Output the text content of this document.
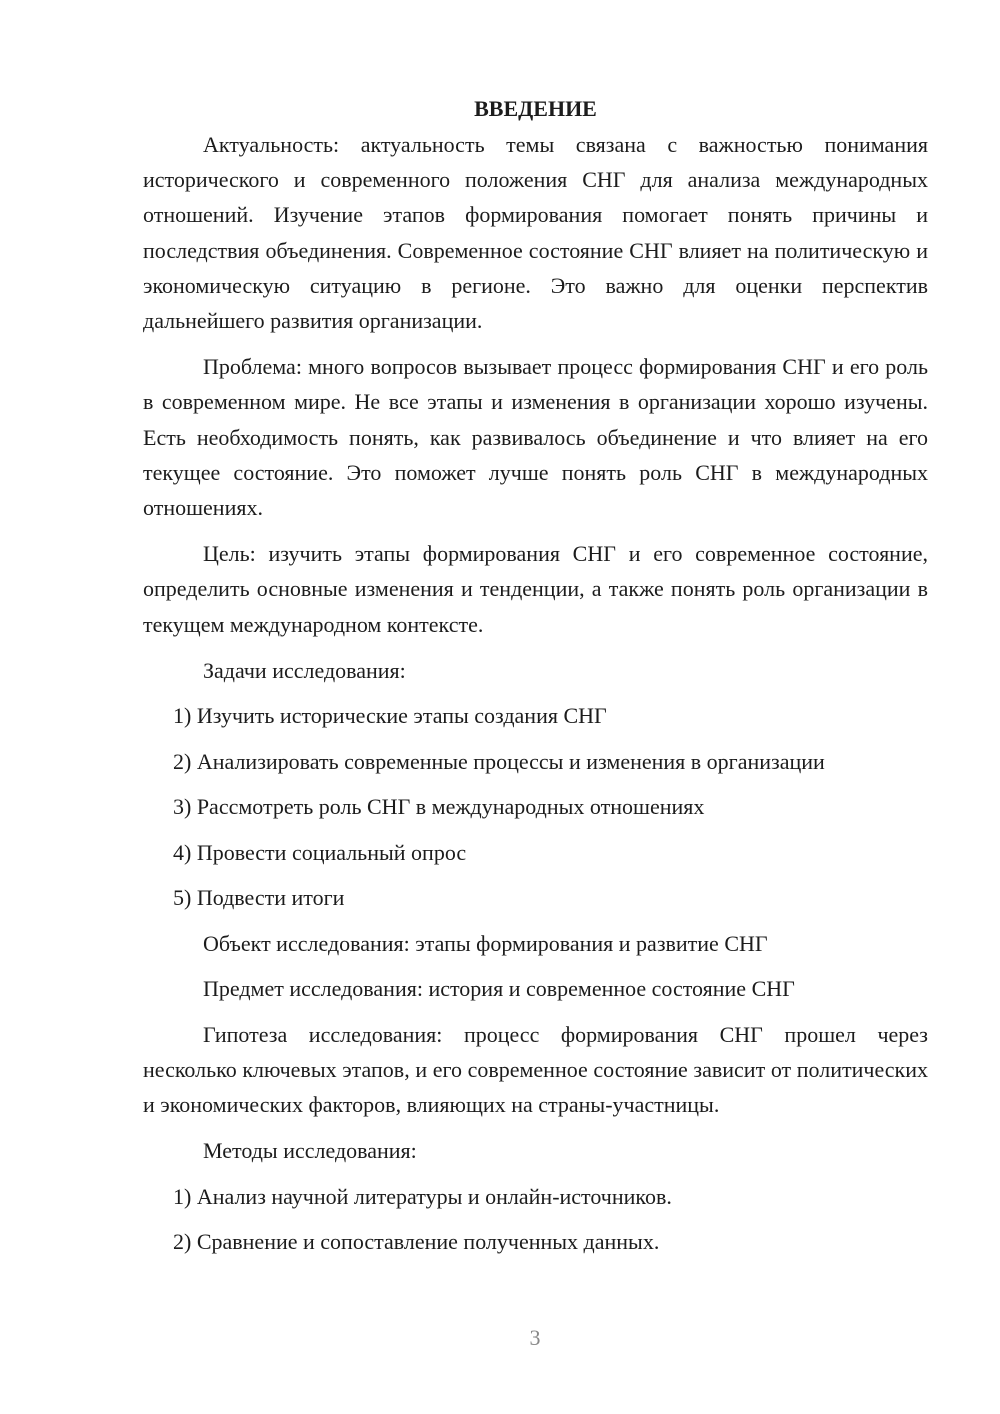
ВВЕДЕНИЕ

Актуальность: актуальность темы связана с важностью понимания исторического и современного положения СНГ для анализа международных отношений. Изучение этапов формирования помогает понять причины и последствия объединения. Современное состояние СНГ влияет на политическую и экономическую ситуацию в регионе. Это важно для оценки перспектив дальнейшего развития организации.

Проблема: много вопросов вызывает процесс формирования СНГ и его роль в современном мире. Не все этапы и изменения в организации хорошо изучены. Есть необходимость понять, как развивалось объединение и что влияет на его текущее состояние. Это поможет лучше понять роль СНГ в международных отношениях.

Цель: изучить этапы формирования СНГ и его современное состояние, определить основные изменения и тенденции, а также понять роль организации в текущем международном контексте.

Задачи исследования:

1) Изучить исторические этапы создания СНГ

2) Анализировать современные процессы и изменения в организации

3) Рассмотреть роль СНГ в международных отношениях

4) Провести социальный опрос

5) Подвести итоги

Объект исследования: этапы формирования и развитие СНГ

Предмет исследования: история и современное состояние СНГ

Гипотеза исследования: процесс формирования СНГ прошел через несколько ключевых этапов, и его современное состояние зависит от политических и экономических факторов, влияющих на страны-участницы.

Методы исследования:

1) Анализ научной литературы и онлайн-источников.

2) Сравнение и сопоставление полученных данных.

3
